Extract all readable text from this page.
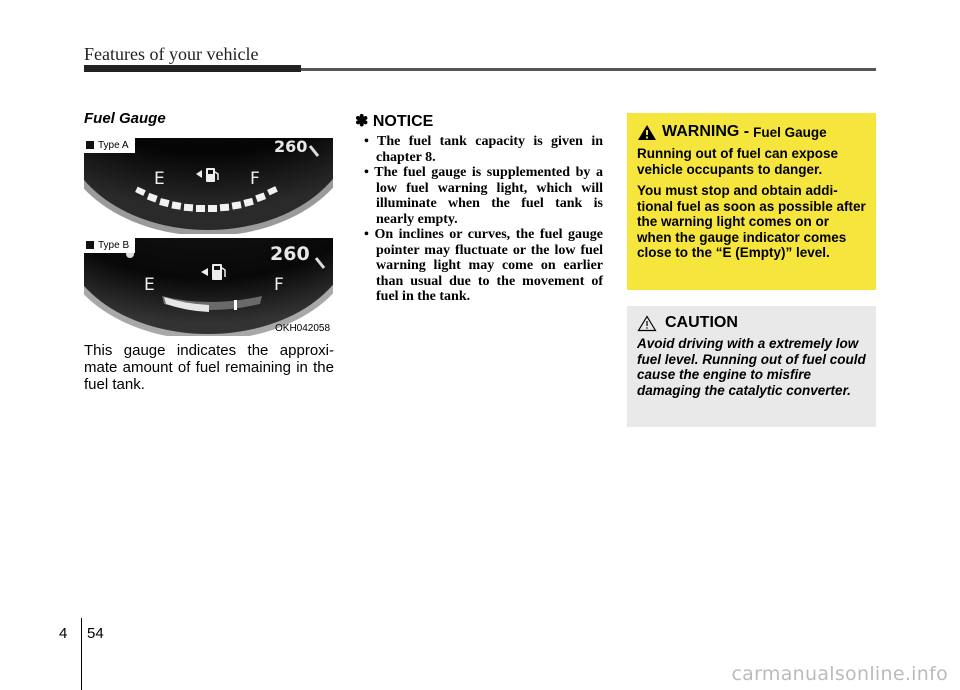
Features of your vehicle
Fuel Gauge
Type A	260
E	F
Type B	260
E	F
OKH042058
This gauge indicates the approxi-mate amount of fuel remaining in the fuel tank.
✽ NOTICE
• The fuel tank capacity is given in chapter 8.
• The fuel gauge is supplemented by a low fuel warning light, which will illuminate when the fuel tank is nearly empty.
• On inclines or curves, the fuel gauge pointer may fluctuate or the low fuel warning light may come on earlier than usual due to the movement of fuel in the tank.
WARNING - Fuel Gauge

Running out of fuel can expose vehicle occupants to danger.

You must stop and obtain addi-tional fuel as soon as possible after the warning light comes on or when the gauge indicator comes close to the “E (Empty)” level.

CAUTION
Avoid driving with a extremely low fuel level. Running out of fuel could cause the engine to misfire damaging the catalytic converter.
4 54
carmanualsonline.info
